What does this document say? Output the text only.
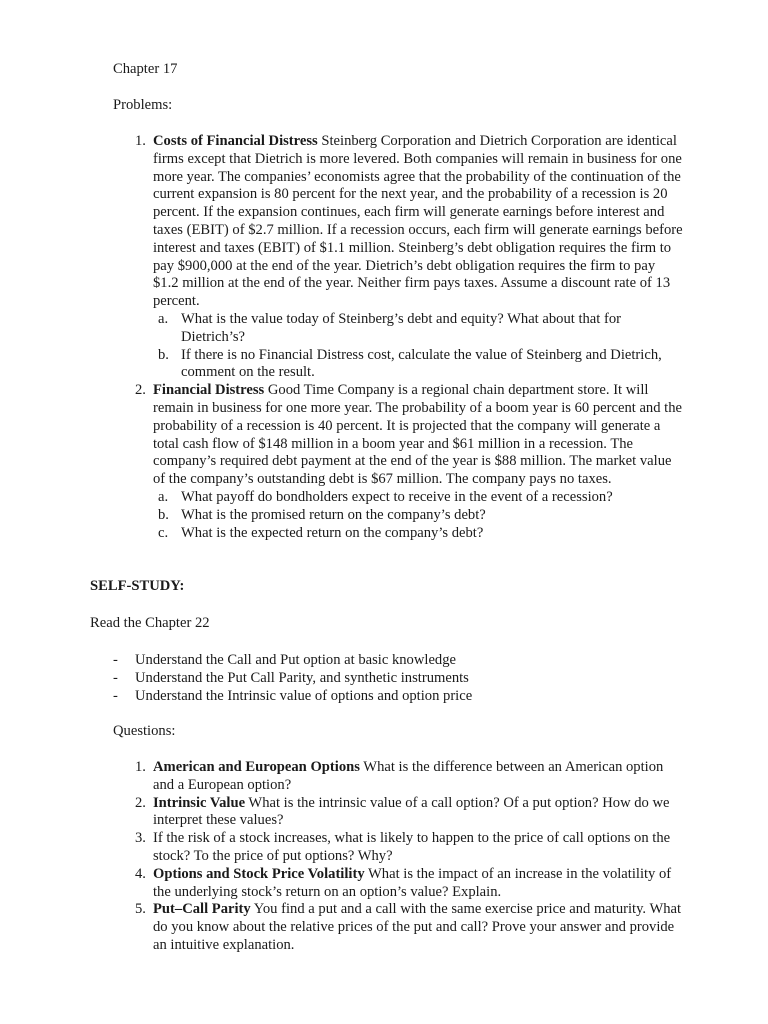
Chapter 17
Problems:
1. Costs of Financial Distress Steinberg Corporation and Dietrich Corporation are identical firms except that Dietrich is more levered. Both companies will remain in business for one more year. The companies’ economists agree that the probability of the continuation of the current expansion is 80 percent for the next year, and the probability of a recession is 20 percent. If the expansion continues, each firm will generate earnings before interest and taxes (EBIT) of $2.7 million. If a recession occurs, each firm will generate earnings before interest and taxes (EBIT) of $1.1 million. Steinberg’s debt obligation requires the firm to pay $900,000 at the end of the year. Dietrich’s debt obligation requires the firm to pay $1.2 million at the end of the year. Neither firm pays taxes. Assume a discount rate of 13 percent.
a. What is the value today of Steinberg’s debt and equity? What about that for Dietrich’s?
b. If there is no Financial Distress cost, calculate the value of Steinberg and Dietrich, comment on the result.
2. Financial Distress Good Time Company is a regional chain department store. It will remain in business for one more year. The probability of a boom year is 60 percent and the probability of a recession is 40 percent. It is projected that the company will generate a total cash flow of $148 million in a boom year and $61 million in a recession. The company’s required debt payment at the end of the year is $88 million. The market value of the company’s outstanding debt is $67 million. The company pays no taxes.
a. What payoff do bondholders expect to receive in the event of a recession?
b. What is the promised return on the company’s debt?
c. What is the expected return on the company’s debt?
SELF-STUDY:
Read the Chapter 22
- Understand the Call and Put option at basic knowledge
- Understand the Put Call Parity, and synthetic instruments
- Understand the Intrinsic value of options and option price
Questions:
1. American and European Options What is the difference between an American option and a European option?
2. Intrinsic Value What is the intrinsic value of a call option? Of a put option? How do we interpret these values?
3. If the risk of a stock increases, what is likely to happen to the price of call options on the stock? To the price of put options? Why?
4. Options and Stock Price Volatility What is the impact of an increase in the volatility of the underlying stock’s return on an option’s value? Explain.
5. Put–Call Parity You find a put and a call with the same exercise price and maturity. What do you know about the relative prices of the put and call? Prove your answer and provide an intuitive explanation.
